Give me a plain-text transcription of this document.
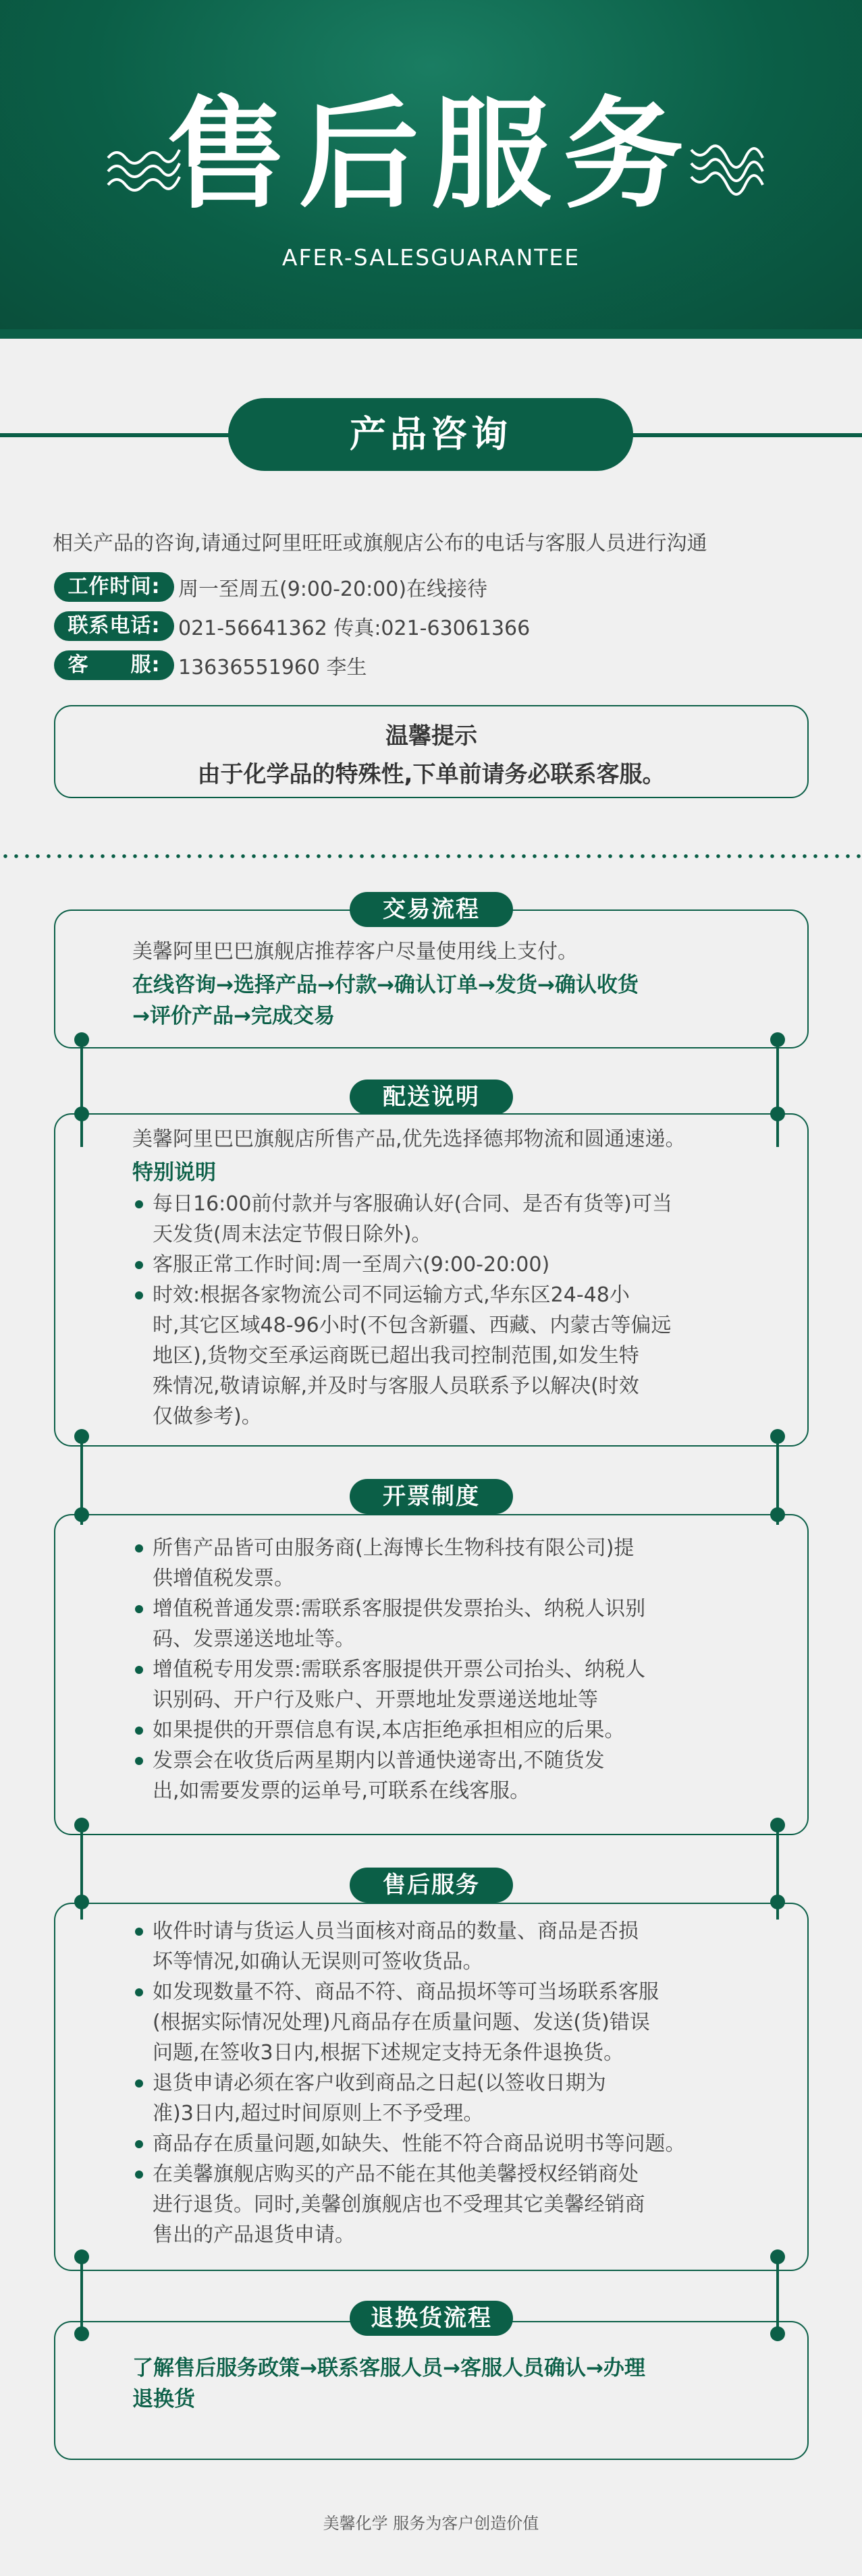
售后服务
AFER-SALESGUARANTEE
产品咨询
相关产品的咨询,请通过阿里旺旺或旗舰店公布的电话与客服人员进行沟通
工作时间: 周一至周五(9:00-20:00)在线接待
联系电话: 021-56641362 传真:021-63061366
客　　服: 13636551960 李生
温馨提示
由于化学品的特殊性,下单前请务必联系客服。
交易流程
美馨阿里巴巴旗舰店推荐客户尽量使用线上支付。
在线咨询→选择产品→付款→确认订单→发货→确认收货
→评价产品→完成交易
配送说明
美馨阿里巴巴旗舰店所售产品,优先选择德邦物流和圆通速递。
特别说明
每日16:00前付款并与客服确认好(合同、是否有货等)可当
天发货(周末法定节假日除外)。
客服正常工作时间:周一至周六(9:00-20:00)
时效:根据各家物流公司不同运输方式,华东区24-48小
时,其它区域48-96小时(不包含新疆、西藏、内蒙古等偏远
地区),货物交至承运商既已超出我司控制范围,如发生特
殊情况,敬请谅解,并及时与客服人员联系予以解决(时效
仅做参考)。
开票制度
所售产品皆可由服务商(上海博长生物科技有限公司)提
供增值税发票。
增值税普通发票:需联系客服提供发票抬头、纳税人识别
码、发票递送地址等。
增值税专用发票:需联系客服提供开票公司抬头、纳税人
识别码、开户行及账户、开票地址发票递送地址等
如果提供的开票信息有误,本店拒绝承担相应的后果。
发票会在收货后两星期内以普通快递寄出,不随货发
出,如需要发票的运单号,可联系在线客服。
售后服务
收件时请与货运人员当面核对商品的数量、商品是否损
坏等情况,如确认无误则可签收货品。
如发现数量不符、商品不符、商品损坏等可当场联系客服
(根据实际情况处理)凡商品存在质量问题、发送(货)错误
问题,在签收3日内,根据下述规定支持无条件退换货。
退货申请必须在客户收到商品之日起(以签收日期为
准)3日内,超过时间原则上不予受理。
商品存在质量问题,如缺失、性能不符合商品说明书等问题。
在美馨旗舰店购买的产品不能在其他美馨授权经销商处
进行退货。同时,美馨创旗舰店也不受理其它美馨经销商
售出的产品退货申请。
退换货流程
了解售后服务政策→联系客服人员→客服人员确认→办理
退换货
美馨化学 服务为客户创造价值
